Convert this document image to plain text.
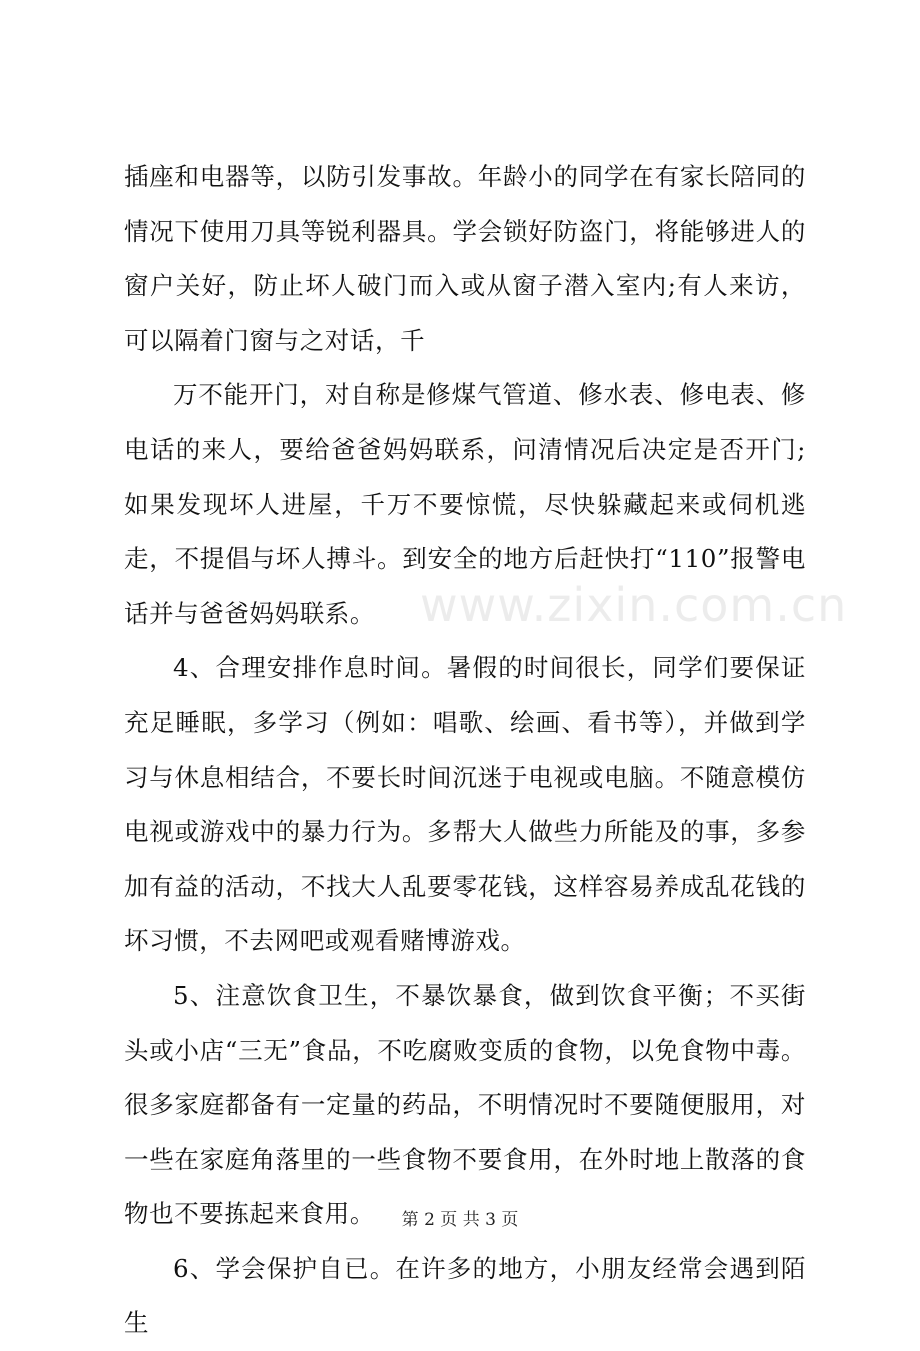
插座和电器等，以防引发事故。年龄小的同学在有家长陪同的情况下使用刀具等锐利器具。学会锁好防盗门，将能够进人的窗户关好，防止坏人破门而入或从窗子潜入室内;有人来访，可以隔着门窗与之对话，千

万不能开门，对自称是修煤气管道、修水表、修电表、修电话的来人，要给爸爸妈妈联系，问清情况后决定是否开门;如果发现坏人进屋，千万不要惊慌，尽快躲藏起来或伺机逃走，不提倡与坏人搏斗。到安全的地方后赶快打“110”报警电话并与爸爸妈妈联系。

4、合理安排作息时间。暑假的时间很长，同学们要保证充足睡眠，多学习（例如：唱歌、绘画、看书等），并做到学习与休息相结合，不要长时间沉迷于电视或电脑。不随意模仿电视或游戏中的暴力行为。多帮大人做些力所能及的事，多参加有益的活动，不找大人乱要零花钱，这样容易养成乱花钱的坏习惯，不去网吧或观看赌博游戏。

5、注意饮食卫生，不暴饮暴食，做到饮食平衡；不买街头或小店“三无”食品，不吃腐败变质的食物，以免食物中毒。很多家庭都备有一定量的药品，不明情况时不要随便服用，对一些在家庭角落里的一些食物不要食用，在外时地上散落的食物也不要拣起来食用。

6、学会保护自已。在许多的地方，小朋友经常会遇到陌生

www.zixin.com.cn
第 2 页 共 3 页
